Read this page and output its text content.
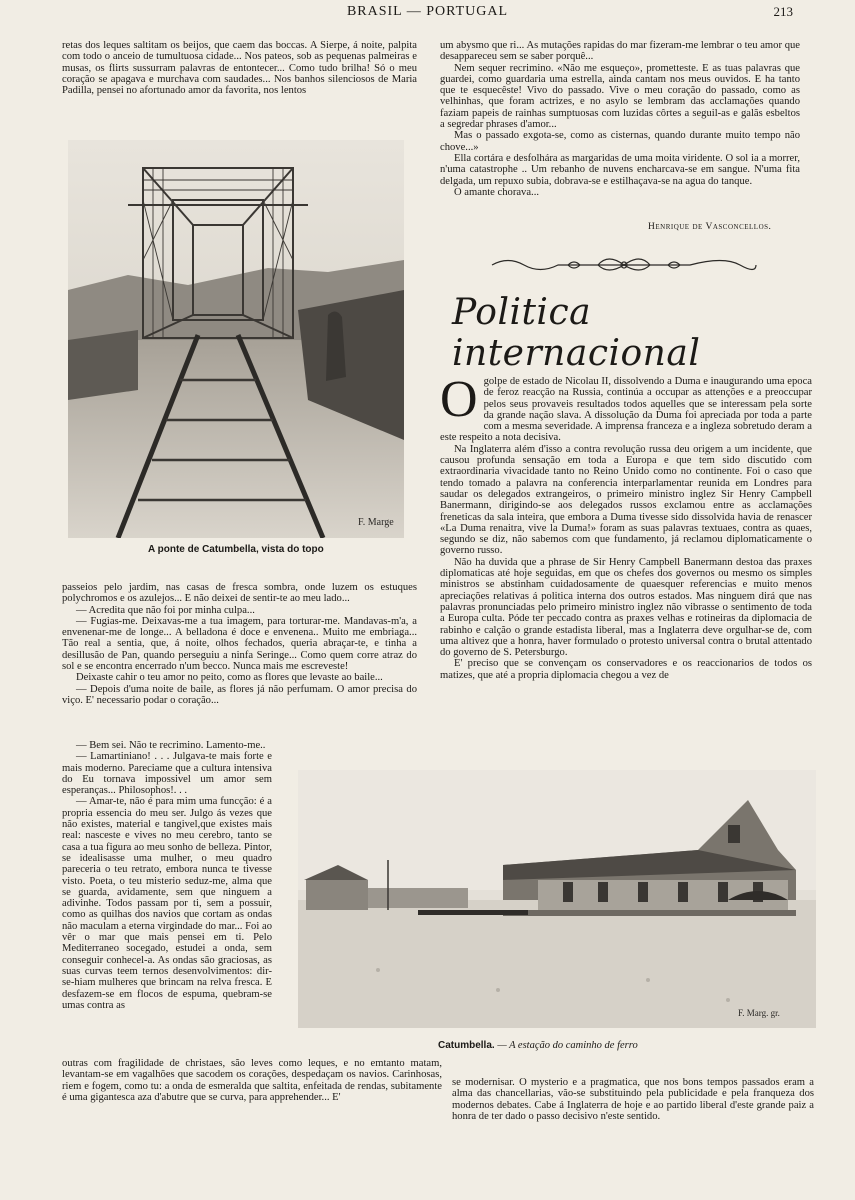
BRASIL — PORTUGAL	213

retas dos leques saltitam os beijos, que caem das boccas. A Sierpe, á noite, palpita com todo o anceio de tumultuosa cidade... Nos pateos, sob as pequenas palmeiras e musas, os flirts sussurram palavras de entontecer... Como tudo brilha! Só o meu coração se apagava e murchava com saudades... Nos banhos silenciosos de Maria Padilla, pensei no afortunado amor da favorita, nos lentos

F. Marge
A ponte de Catumbella, vista do topo

passeios pelo jardim, nas casas de fresca sombra, onde luzem os estuques polychromos e os azulejos... E não deixei de sentir-te ao meu lado...

— Acredita que não foi por minha culpa...

— Fugias-me. Deixavas-me a tua imagem, para torturar-me. Mandavas-m'a, a envenenar-me de longe... A belladona é doce e envenena.. Muito me embriaga... Tão real a sentia, que, á noite, olhos fechados, queria abraçar-te, e tinha a desillusão de Pan, quando perseguiu a ninfa Seringe... Como quem corre atraz do sol e se encontra encerrado n'um becco. Nunca mais me escreveste!

Deixaste cahir o teu amor no peito, como as flores que levaste ao baile...

— Depois d'uma noite de baile, as flores já não perfumam. O amor precisa do viço. E' necessario podar o coração...

— Bem sei. Não te recrimino. Lamento-me..

— Lamartiniano! . . . Julgava-te mais forte e mais moderno. Pareciame que a cultura intensiva do Eu tornava impossivel um amor sem esperanças... Philosophos!. . .

— Amar-te, não é para mim uma funcção: é a propria essencia do meu ser. Julgo ás vezes que não existes, material e tangivel,que existes mais real: nasceste e vives no meu cerebro, tanto se casa a tua figura ao meu sonho de belleza. Pintor, se idealisasse uma mulher, o meu quadro pareceria o teu retrato, embora nunca te tivesse visto. Poeta, o teu misterio seduz-me, alma que se guarda, avidamente, sem que ninguem a adivinhe. Todos passam por ti, sem a possuir, como as quilhas dos navios que cortam as ondas não maculam a eterna virgindade do mar... Foi ao vêr o mar que mais pensei em ti. Pelo Mediterraneo socegado, estudei a onda, sem conseguir conhecel-a. As ondas são graciosas, as suas curvas teem ternos desenvolvimentos: dir-se-hiam mulheres que brincam na relva fresca. E desfazem-se em flocos de espuma, quebram-se umas contra as

outras com fragilidade de christaes, são leves como leques, e no emtanto matam, levantam-se em vagalhões que sacodem os corações, despedaçam os navios. Carinhosas, riem e fogem, como tu: a onda de esmeralda que saltita, enfeitada de rendas, subitamente é uma gigantesca aza d'abutre que se curva, para apprehender... E'

um abysmo que ri... As mutações rapidas do mar fizeram-me lembrar o teu amor que desappareceu sem se saber porquê...

Nem sequer recrimino. «Não me esqueço», prometteste. E as tuas palavras que guardei, como guardaria uma estrella, ainda cantam nos meus ouvidos. E ha tanto que te esquecêste! Vivo do passado. Vive o meu coração do passado, como as velhinhas, que foram actrizes, e no asylo se lembram das acclamações quando faziam papeis de rainhas sumptuosas com luzidas côrtes a seguil-as e galãs esbeltos a segredar phrases d'amor...

Mas o passado exgota-se, como as cisternas, quando durante muito tempo não chove...»

Ella cortára e desfolhára as margaridas de uma moita viridente. O sol ia a morrer, n'uma catastrophe .. Um rebanho de nuvens encharcava-se em sangue. N'uma fita delgada, um repuxo subia, dobrava-se e estilhaçava-se na agua do tanque.

O amante chorava...

Henrique de Vasconcellos.
Politica internacional

Ogolpe de estado de Nicolau II, dissolvendo a Duma e inaugurando uma epoca de feroz reacção na Russia, continúa a occupar as attenções e a preoccupar pelos seus provaveis resultados todos aquelles que se interessam pela sorte da grande nação slava. A dissolução da Duma foi apreciada por toda a parte com a mesma severidade. A imprensa franceza e a ingleza sobretudo deram a este respeito a nota decisiva.

Na Inglaterra além d'isso a contra revolução russa deu origem a um incidente, que causou profunda sensação em toda a Europa e que tem sido discutido com extraordinaria vivacidade tanto no Reino Unido como no continente. Foi o caso que tendo tomado a palavra na conferencia interparlamentar reunida em Londres para saudar os delegados extrangeiros, o primeiro ministro inglez Sir Henry Campbell Banermann, dirigindo-se aos delegados russos exclamou entre as acclamações freneticas da sala inteira, que embora a Duma tivesse sido dissolvida havia de renascer «La Duma renaitra, vive la Duma!» foram as suas palavras textuaes, contra as quaes, segundo se diz, não sabemos com que fundamento, já reclamou diplomaticamente o governo russo.

Não ha duvida que a phrase de Sir Henry Campbell Banermann destoa das praxes diplomaticas até hoje seguidas, em que os chefes dos governos ou mesmo os simples ministros se abstinham cuidadosamente de quaesquer referencias e muito menos apreciações relativas á politica interna dos outros estados. Mas ninguem dirá que nas palavras pronunciadas pelo primeiro ministro inglez não vibrasse o sentimento de toda a Europa culta. Póde ter peccado contra as praxes velhas e rotineiras da diplomacia de rabinho e calção o grande estadista liberal, mas a Inglaterra deve orgulhar-se de, com uma altivez que a honra, haver formulado o protesto universal contra o brutal attentado do governo de S. Petersburgo.

E' preciso que se convençam os conservadores e os reaccionarios de todos os matizes, que até a propria diplomacia chegou a vez de

F. Marg. gr.
Catumbella. — A estação do caminho de ferro

se modernisar. O mysterio e a pragmatica, que nos bons tempos passados eram a alma das chancellarias, vão-se substituindo pela publicidade e pela franqueza dos modernos debates. Cabe á Inglaterra de hoje e ao partido liberal d'este grande paiz a honra de ter dado o passo decisivo n'este sentido.
